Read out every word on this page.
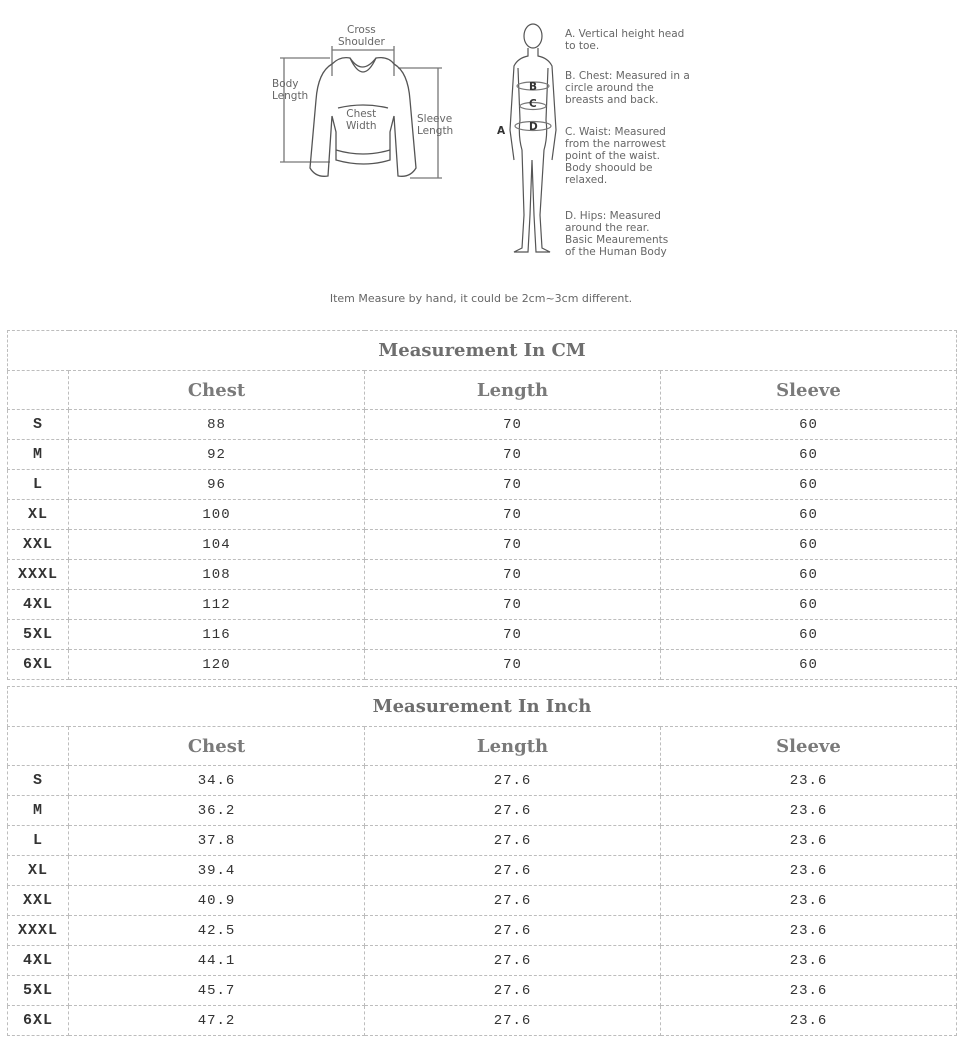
Cross
Shoulder
Body
Length
Chest
Width
Sleeve
Length	A
B
C
D
A. Vertical height head
to toe.
B. Chest: Measured in a
circle around the
breasts and back.
C. Waist: Measured
from the narrowest
point of the waist.
Body shoould be
relaxed.
D. Hips: Measured
around the rear.
Basic Meaurements
of the Human Body
Item Measure by hand, it could be 2cm~3cm different.
Measurement In CM			
	Chest	Length	Sleeve
S	88	70	60
M	92	70	60
L	96	70	60
XL	100	70	60
XXL	104	70	60
XXXL	108	70	60
4XL	112	70	60
5XL	116	70	60
6XL	120	70	60
Measurement In Inch			
	Chest	Length	Sleeve
S	34.6	27.6	23.6
M	36.2	27.6	23.6
L	37.8	27.6	23.6
XL	39.4	27.6	23.6
XXL	40.9	27.6	23.6
XXXL	42.5	27.6	23.6
4XL	44.1	27.6	23.6
5XL	45.7	27.6	23.6
6XL	47.2	27.6	23.6
